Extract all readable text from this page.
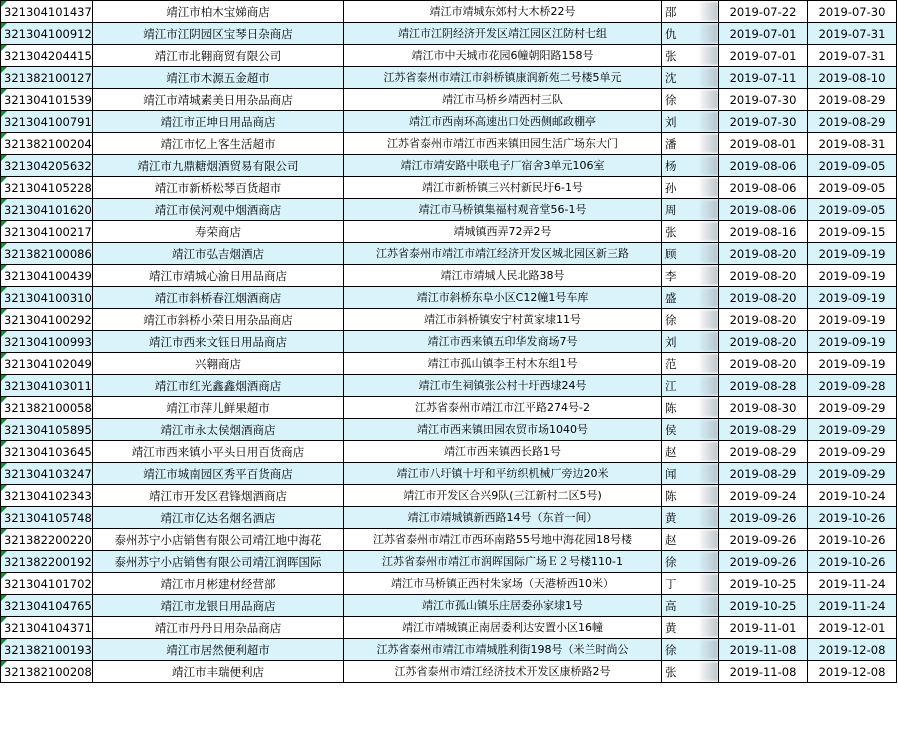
321304101437	靖江市柏木宝娣商店	靖江市靖城东郊村大木桥22号	邵	2019-07-22	2019-07-30
321304100912	靖江市江阴园区宝琴日杂商店	靖江市江阴经济开发区靖江园区江防村七组	仇	2019-07-01	2019-07-31
321304204415	靖江市北翱商贸有限公司	靖江市中天城市花园6幢朝阳路158号	张	2019-07-01	2019-07-31
321382100127	靖江市木源五金超市	江苏省泰州市靖江市斜桥镇康润新苑二号楼5单元	沈	2019-07-11	2019-08-10
321304101539	靖江市靖城素美日用杂品商店	靖江市马桥乡靖西村三队	徐	2019-07-30	2019-08-29
321304100791	靖江市正坤日用品商店	靖江市西南环高速出口处西侧邮政棚亭	刘	2019-07-30	2019-08-29
321382100204	靖江市忆上客生活超市	江苏省泰州市靖江市西来镇田园生活广场东大门	潘	2019-08-01	2019-08-31
321304205632	靖江市九鼎糖烟酒贸易有限公司	靖江市靖安路中联电子厂宿舍3单元106室	杨	2019-08-06	2019-09-05
321304105228	靖江市新桥松琴百货超市	靖江市新桥镇三兴村新民圩6-1号	孙	2019-08-06	2019-09-05
321304101620	靖江市侯河观中烟酒商店	靖江市马桥镇集福村观音堂56-1号	周	2019-08-06	2019-09-05
321304100217	寿荣商店	靖城镇西弄72弄2号	张	2019-08-16	2019-09-15
321382100086	靖江市弘吉烟酒店	江苏省泰州市靖江市靖江经济开发区城北园区新三路	顾	2019-08-20	2019-09-19
321304100439	靖江市靖城心渝日用品商店	靖江市靖城人民北路38号	李	2019-08-20	2019-09-19
321304100310	靖江市斜桥春江烟酒商店	靖江市斜桥东阜小区C12幢1号车库	盛	2019-08-20	2019-09-19
321304100292	靖江市斜桥小荣日用杂品商店	靖江市斜桥镇安宁村黄家埭11号	徐	2019-08-20	2019-09-19
321304100993	靖江市西来文钰日用品商店	靖江市西来镇五印华发商场7号	刘	2019-08-20	2019-09-19
321304102049	兴翱商店	靖江市孤山镇李王村木东组1号	范	2019-08-20	2019-09-19
321304103011	靖江市红光鑫鑫烟酒商店	靖江市生祠镇张公村十圩西埭24号	江	2019-08-28	2019-09-28
321382100058	靖江市萍儿鲜果超市	江苏省泰州市靖江市江平路274号-2	陈	2019-08-30	2019-09-29
321304105895	靖江市永太侯烟酒商店	靖江市西来镇田园农贸市场1040号	侯	2019-08-29	2019-09-29
321304103645	靖江市西来镇小平头日用百货商店	靖江市西来镇西长路1号	赵	2019-08-29	2019-09-29
321304103247	靖江市城南园区秀平百货商店	靖江市八圩镇十圩和平纺织机械厂旁边20米	闻	2019-08-29	2019-09-29
321304102343	靖江市开发区君锋烟酒商店	靖江市开发区合兴9队(三江新村二区5号)	陈	2019-09-24	2019-10-24
321304105748	靖江市亿达名烟名酒店	靖江市靖城镇新西路14号（东首一间）	黄	2019-09-26	2019-10-26
321382200220	泰州苏宁小店销售有限公司靖江地中海花	江苏省泰州市靖江市西环南路55号地中海花园18号楼	赵	2019-09-26	2019-10-26
321382200192	泰州苏宁小店销售有限公司靖江润晖国际	江苏省泰州市靖江市润晖国际广场Ｅ２号楼110-1	徐	2019-09-26	2019-10-26
321304101702	靖江市月彬建材经营部	靖江市马桥镇正西村朱家场（天港桥西10米）	丁	2019-10-25	2019-11-24
321304104765	靖江市龙银日用品商店	靖江市孤山镇乐庄居委孙家埭1号	高	2019-10-25	2019-11-24
321304104371	靖江市丹丹日用杂品商店	靖江市靖城镇正南居委利达安置小区16幢	黄	2019-11-01	2019-12-01
321382100193	靖江市居然便利超市	江苏省泰州市靖江市靖城胜利街198号（米兰时尚公	徐	2019-11-08	2019-12-08
321382100208	靖江市丰瑞便利店	江苏省泰州市靖江经济技术开发区康桥路2号	张	2019-11-08	2019-12-08
